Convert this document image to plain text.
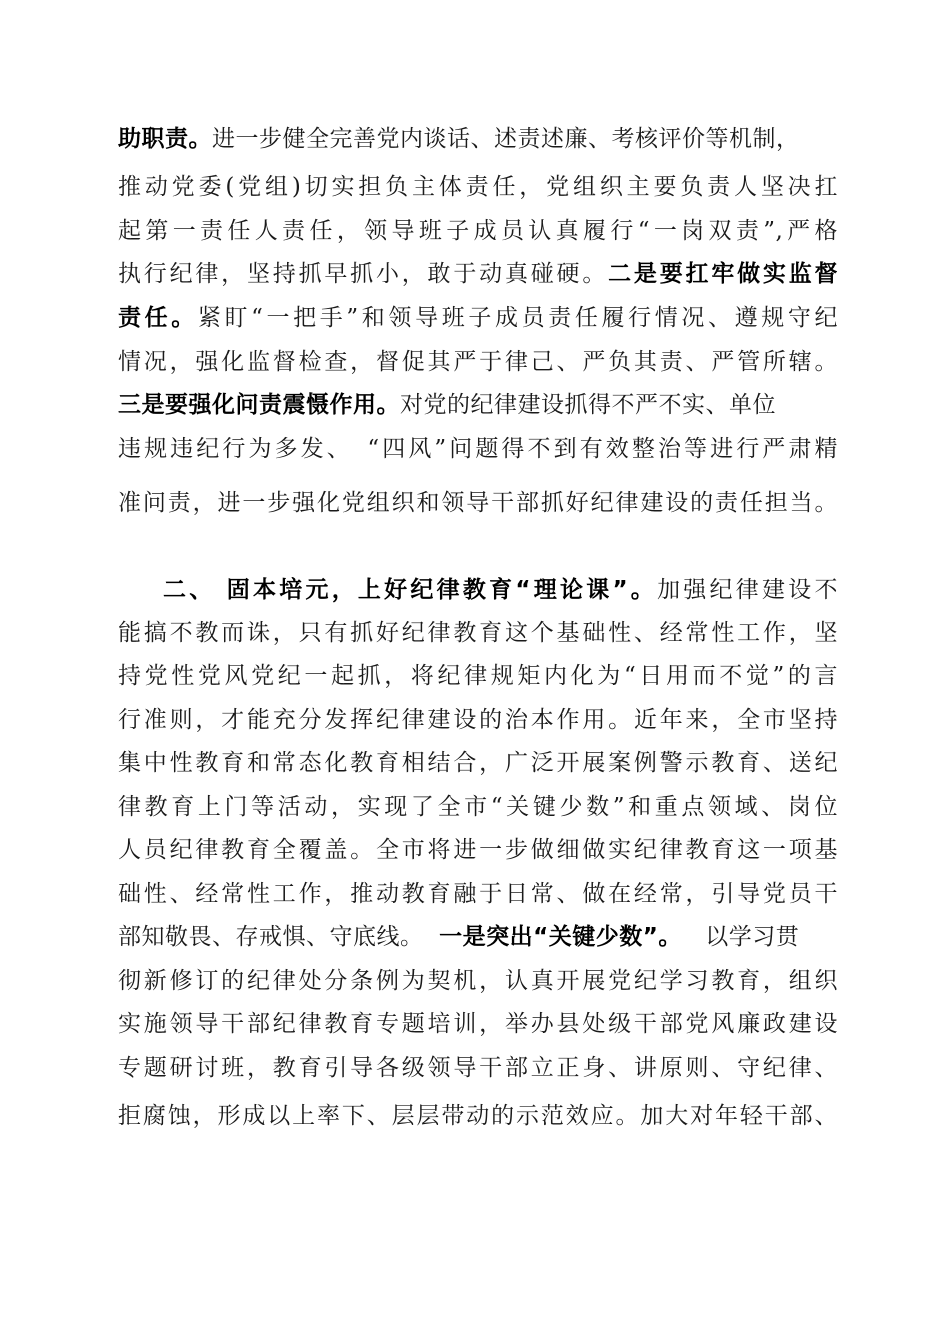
助职责。进一步健全完善党内谈话、述责述廉、考核评价等机制，
推动党委(党组)切实担负主体责任，党组织主要负责人坚决扛
起第一责任人责任，领导班子成员认真履行“一岗双责”,严格
执行纪律，坚持抓早抓小，敢于动真碰硬。二是要扛牢做实监督
责任。紧盯“一把手”和领导班子成员责任履行情况、遵规守纪
情况，强化监督检查，督促其严于律己、严负其责、严管所辖。
三是要强化问责震慑作用。对党的纪律建设抓得不严不实、单位
违规违纪行为多发、　“四风”问题得不到有效整治等进行严肃精
准问责，进一步强化党组织和领导干部抓好纪律建设的责任担当。
二、 固本培元，上好纪律教育“理论课”。加强纪律建设不
能搞不教而诛，只有抓好纪律教育这个基础性、经常性工作，坚
持党性党风党纪一起抓，将纪律规矩内化为“日用而不觉”的言
行准则，才能充分发挥纪律建设的治本作用。近年来，全市坚持
集中性教育和常态化教育相结合，广泛开展案例警示教育、送纪
律教育上门等活动，实现了全市“关键少数”和重点领域、岗位
人员纪律教育全覆盖。全市将进一步做细做实纪律教育这一项基
础性、经常性工作，推动教育融于日常、做在经常，引导党员干
部知敬畏、存戒惧、守底线。 一是突出“关键少数”。 以学习贯
彻新修订的纪律处分条例为契机，认真开展党纪学习教育，组织
实施领导干部纪律教育专题培训，举办县处级干部党风廉政建设
专题研讨班，教育引导各级领导干部立正身、讲原则、守纪律、
拒腐蚀，形成以上率下、层层带动的示范效应。加大对年轻干部、
